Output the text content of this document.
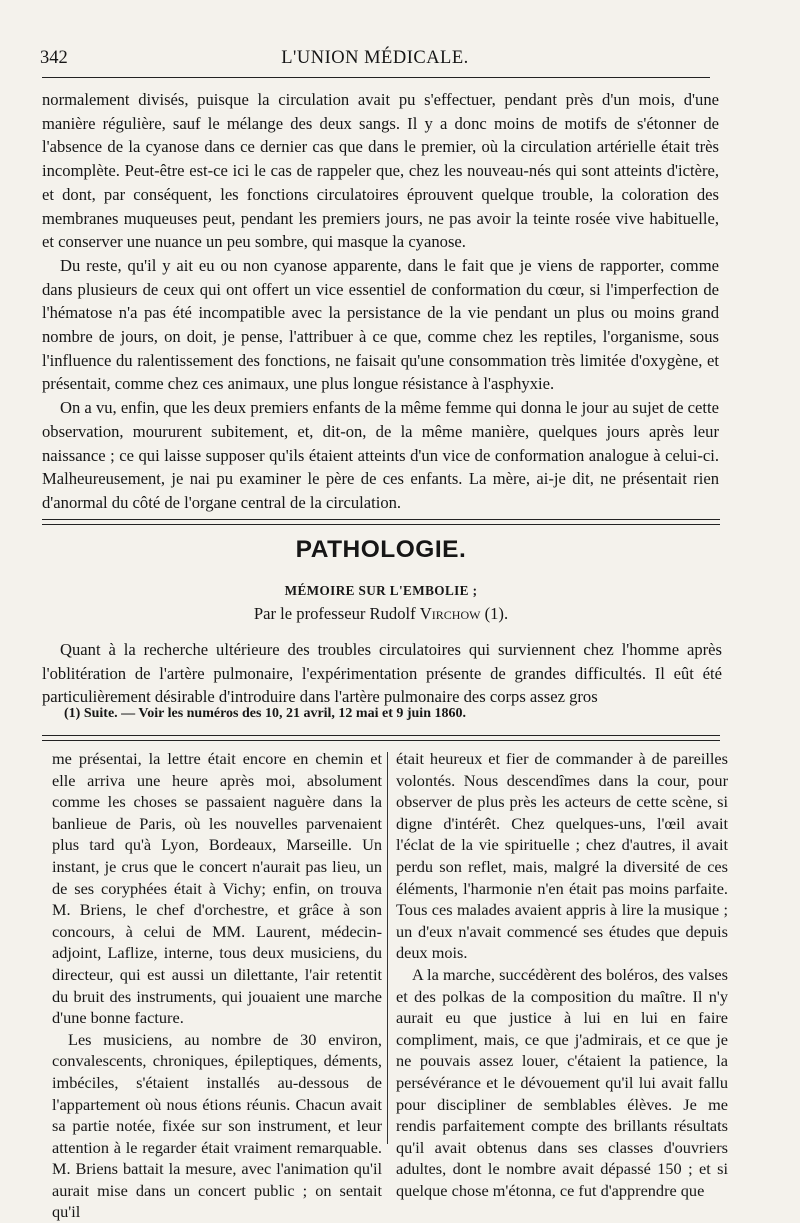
342	L'UNION MÉDICALE.

normalement divisés, puisque la circulation avait pu s'effectuer, pendant près d'un mois, d'une manière régulière, sauf le mélange des deux sangs. Il y a donc moins de motifs de s'étonner de l'absence de la cyanose dans ce dernier cas que dans le premier, où la circulation artérielle était très incomplète. Peut-être est-ce ici le cas de rappeler que, chez les nouveau-nés qui sont atteints d'ictère, et dont, par conséquent, les fonctions circulatoires éprouvent quelque trouble, la coloration des membranes muqueuses peut, pendant les premiers jours, ne pas avoir la teinte rosée vive habituelle, et conserver une nuance un peu sombre, qui masque la cyanose.

Du reste, qu'il y ait eu ou non cyanose apparente, dans le fait que je viens de rapporter, comme dans plusieurs de ceux qui ont offert un vice essentiel de conformation du cœur, si l'imperfection de l'hématose n'a pas été incompatible avec la persistance de la vie pendant un plus ou moins grand nombre de jours, on doit, je pense, l'attribuer à ce que, comme chez les reptiles, l'organisme, sous l'influence du ralentissement des fonctions, ne faisait qu'une consommation très limitée d'oxygène, et présentait, comme chez ces animaux, une plus longue résistance à l'asphyxie.

On a vu, enfin, que les deux premiers enfants de la même femme qui donna le jour au sujet de cette observation, moururent subitement, et, dit-on, de la même manière, quelques jours après leur naissance ; ce qui laisse supposer qu'ils étaient atteints d'un vice de conformation analogue à celui-ci. Malheureusement, je nai pu examiner le père de ces enfants. La mère, ai-je dit, ne présentait rien d'anormal du côté de l'organe central de la circulation.

PATHOLOGIE.
MÉMOIRE SUR L'EMBOLIE ;
Par le professeur Rudolf Virchow (1).

Quant à la recherche ultérieure des troubles circulatoires qui surviennent chez l'homme après l'oblitération de l'artère pulmonaire, l'expérimentation présente de grandes difficultés. Il eût été particulièrement désirable d'introduire dans l'artère pulmonaire des corps assez gros

(1) Suite. — Voir les numéros des 10, 21 avril, 12 mai et 9 juin 1860.

me présentai, la lettre était encore en chemin et elle arriva une heure après moi, absolument comme les choses se passaient naguère dans la banlieue de Paris, où les nouvelles parvenaient plus tard qu'à Lyon, Bordeaux, Marseille. Un instant, je crus que le concert n'aurait pas lieu, un de ses coryphées était à Vichy; enfin, on trouva M. Briens, le chef d'orchestre, et grâce à son concours, à celui de MM. Laurent, médecin-adjoint, Laflize, interne, tous deux musiciens, du directeur, qui est aussi un dilettante, l'air retentit du bruit des instruments, qui jouaient une marche d'une bonne facture.

Les musiciens, au nombre de 30 environ, convalescents, chroniques, épileptiques, déments, imbéciles, s'étaient installés au-dessous de l'appartement où nous étions réunis. Chacun avait sa partie notée, fixée sur son instrument, et leur attention à le regarder était vraiment remarquable. M. Briens battait la mesure, avec l'animation qu'il aurait mise dans un concert public ; on sentait qu'il

était heureux et fier de commander à de pareilles volontés. Nous descendîmes dans la cour, pour observer de plus près les acteurs de cette scène, si digne d'intérêt. Chez quelques-uns, l'œil avait l'éclat de la vie spirituelle ; chez d'autres, il avait perdu son reflet, mais, malgré la diversité de ces éléments, l'harmonie n'en était pas moins parfaite. Tous ces malades avaient appris à lire la musique ; un d'eux n'avait commencé ses études que depuis deux mois.

A la marche, succédèrent des boléros, des valses et des polkas de la composition du maître. Il n'y aurait eu que justice à lui en lui en faire compliment, mais, ce que j'admirais, et ce que je ne pouvais assez louer, c'étaient la patience, la persévérance et le dévouement qu'il lui avait fallu pour discipliner de semblables élèves. Je me rendis parfaitement compte des brillants résultats qu'il avait obtenus dans ses classes d'ouvriers adultes, dont le nombre avait dépassé 150 ; et si quelque chose m'étonna, ce fut d'apprendre que
